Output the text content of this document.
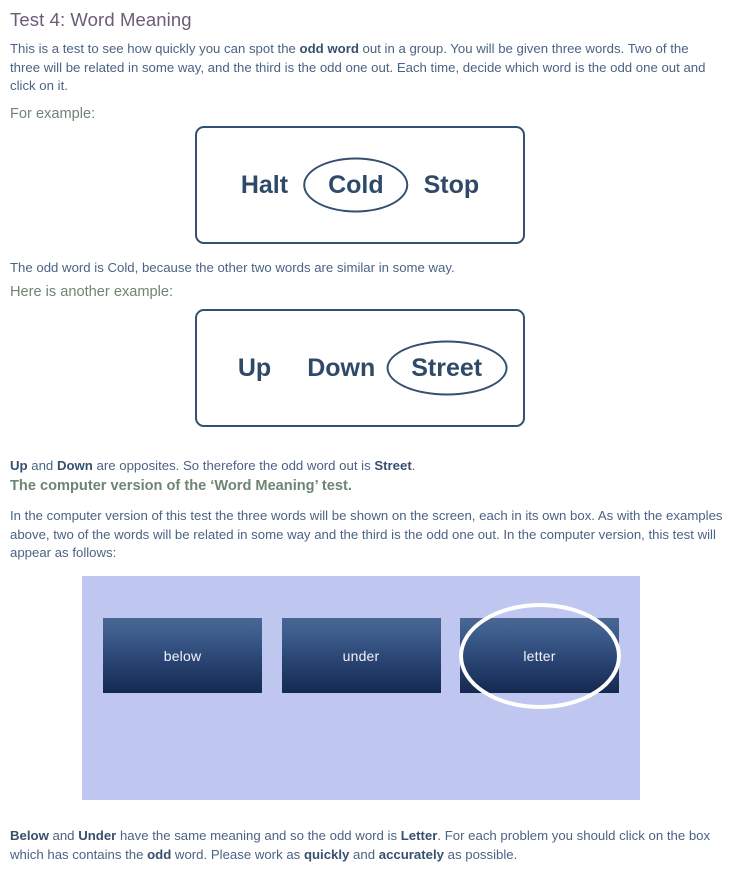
Test 4: Word Meaning

This is a test to see how quickly you can spot the odd word out in a group. You will be given three words. Two of the three will be related in some way, and the third is the odd one out. Each time, decide which word is the odd one out and click on it.

For example:
Halt Cold Stop

The odd word is Cold, because the other two words are similar in some way.

Here is another example:
Up Down Street

Up and Down are opposites. So therefore the odd word out is Street.

The computer version of the ‘Word Meaning’ test.

In the computer version of this test the three words will be shown on the screen, each in its own box. As with the examples above, two of the words will be related in some way and the third is the odd one out. In the computer version, this test will appear as follows:

below	under	letter

Below and Under have the same meaning and so the odd word is Letter. For each problem you should click on the box which has contains the odd word. Please work as quickly and accurately as possible.
